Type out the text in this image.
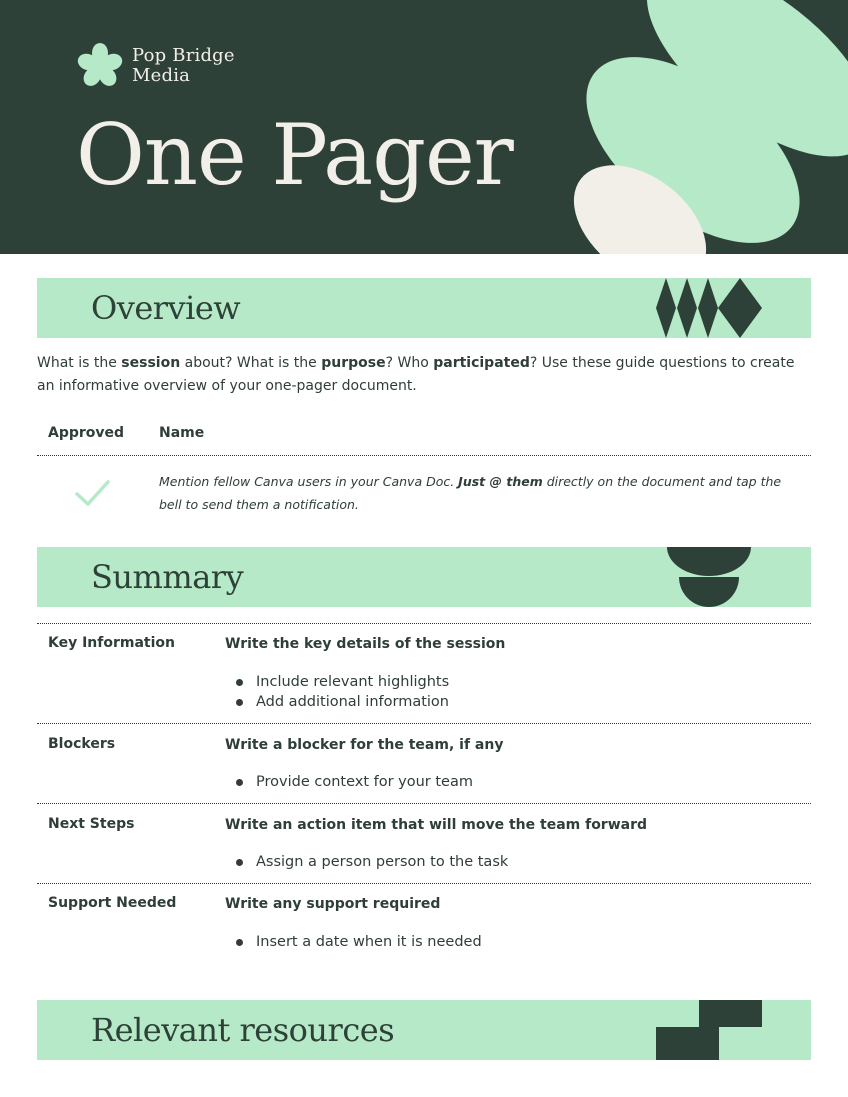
Pop Bridge
Media
One Pager
Overview

What is the session about? What is the purpose? Who participated? Use these guide questions to create an informative overview of your one-pager document.

Approved Name

Mention fellow Canva users in your Canva Doc. Just @ them directly on the document and tap the bell to send them a notification.

Summary
Key Information	Write the key details of the session
Include relevant highlights
Add additional information
Blockers	Write a blocker for the team, if any
Provide context for your team
Next Steps	Write an action item that will move the team forward
Assign a person person to the task
Support Needed	Write any support required
Insert a date when it is needed
Relevant resources
